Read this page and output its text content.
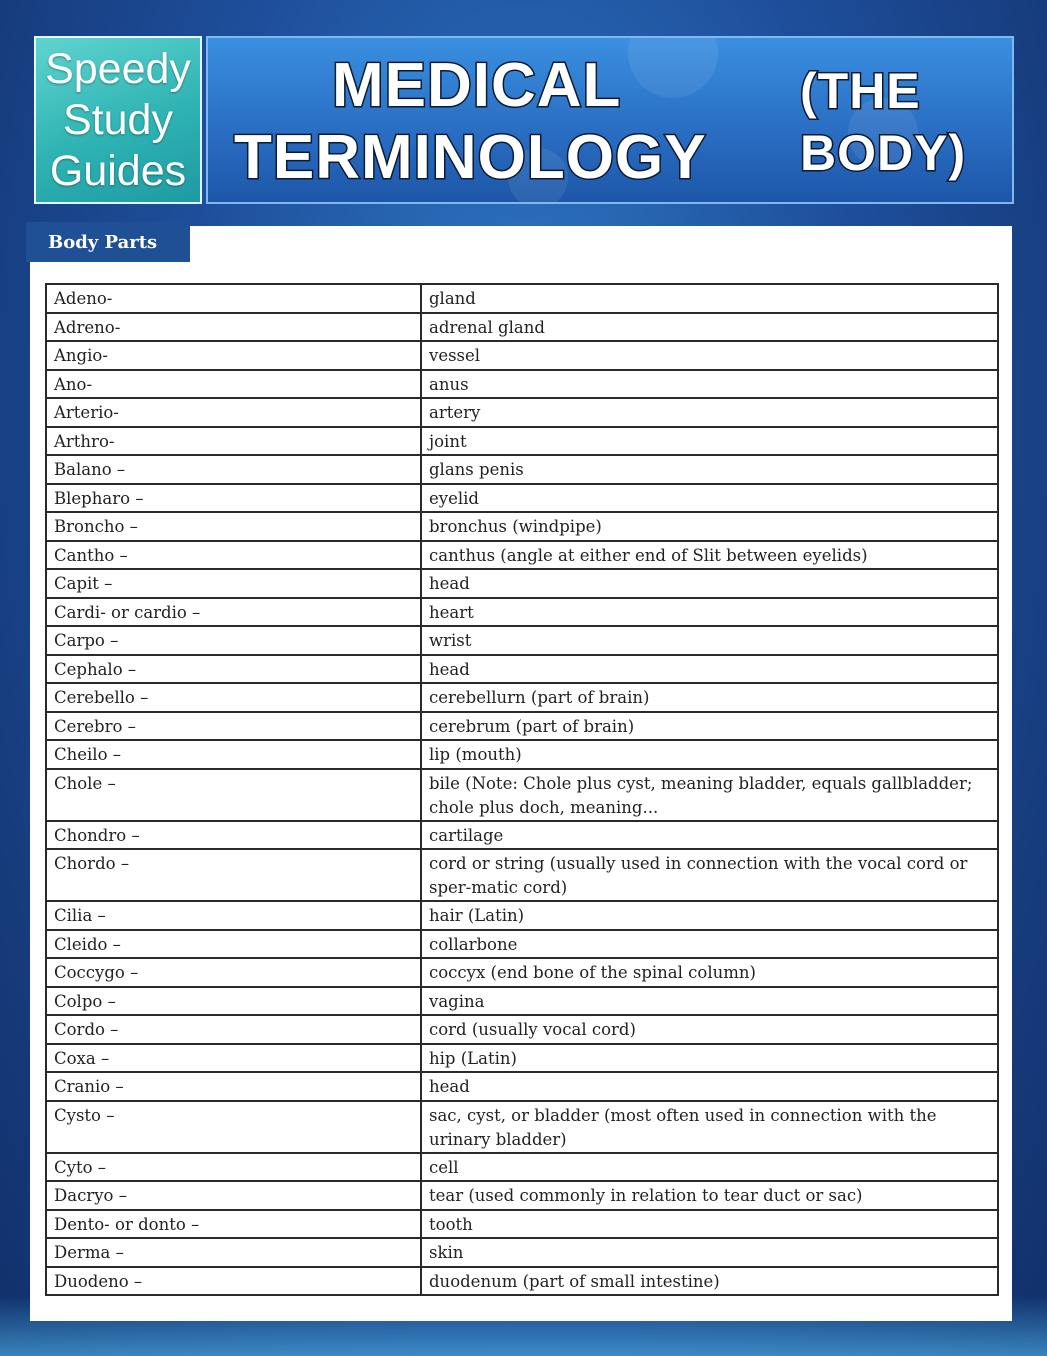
Speedy
Study
Guides
MEDICAL
TERMINOLOGY
(THE
BODY)
Body Parts
Adeno-	gland
Adreno-	adrenal gland
Angio-	vessel
Ano-	anus
Arterio-	artery
Arthro-	joint
Balano –	glans penis
Blepharo –	eyelid
Broncho –	bronchus (windpipe)
Cantho –	canthus (angle at either end of Slit between eyelids)
Capit –	head
Cardi- or cardio –	heart
Carpo –	wrist
Cephalo –	head
Cerebello –	cerebellurn (part of brain)
Cerebro –	cerebrum (part of brain)
Cheilo –	lip (mouth)
Chole –	bile (Note: Chole plus cyst, meaning bladder, equals gallbladder; chole plus doch, meaning...
Chondro –	cartilage
Chordo –	cord or string (usually used in connection with the vocal cord or sper-matic cord)
Cilia –	hair (Latin)
Cleido –	collarbone
Coccygo –	coccyx (end bone of the spinal column)
Colpo –	vagina
Cordo –	cord (usually vocal cord)
Coxa –	hip (Latin)
Cranio –	head
Cysto –	sac, cyst, or bladder (most often used in connection with the urinary bladder)
Cyto –	cell
Dacryo –	tear (used commonly in relation to tear duct or sac)
Dento- or donto –	tooth
Derma –	skin
Duodeno –	duodenum (part of small intestine)
